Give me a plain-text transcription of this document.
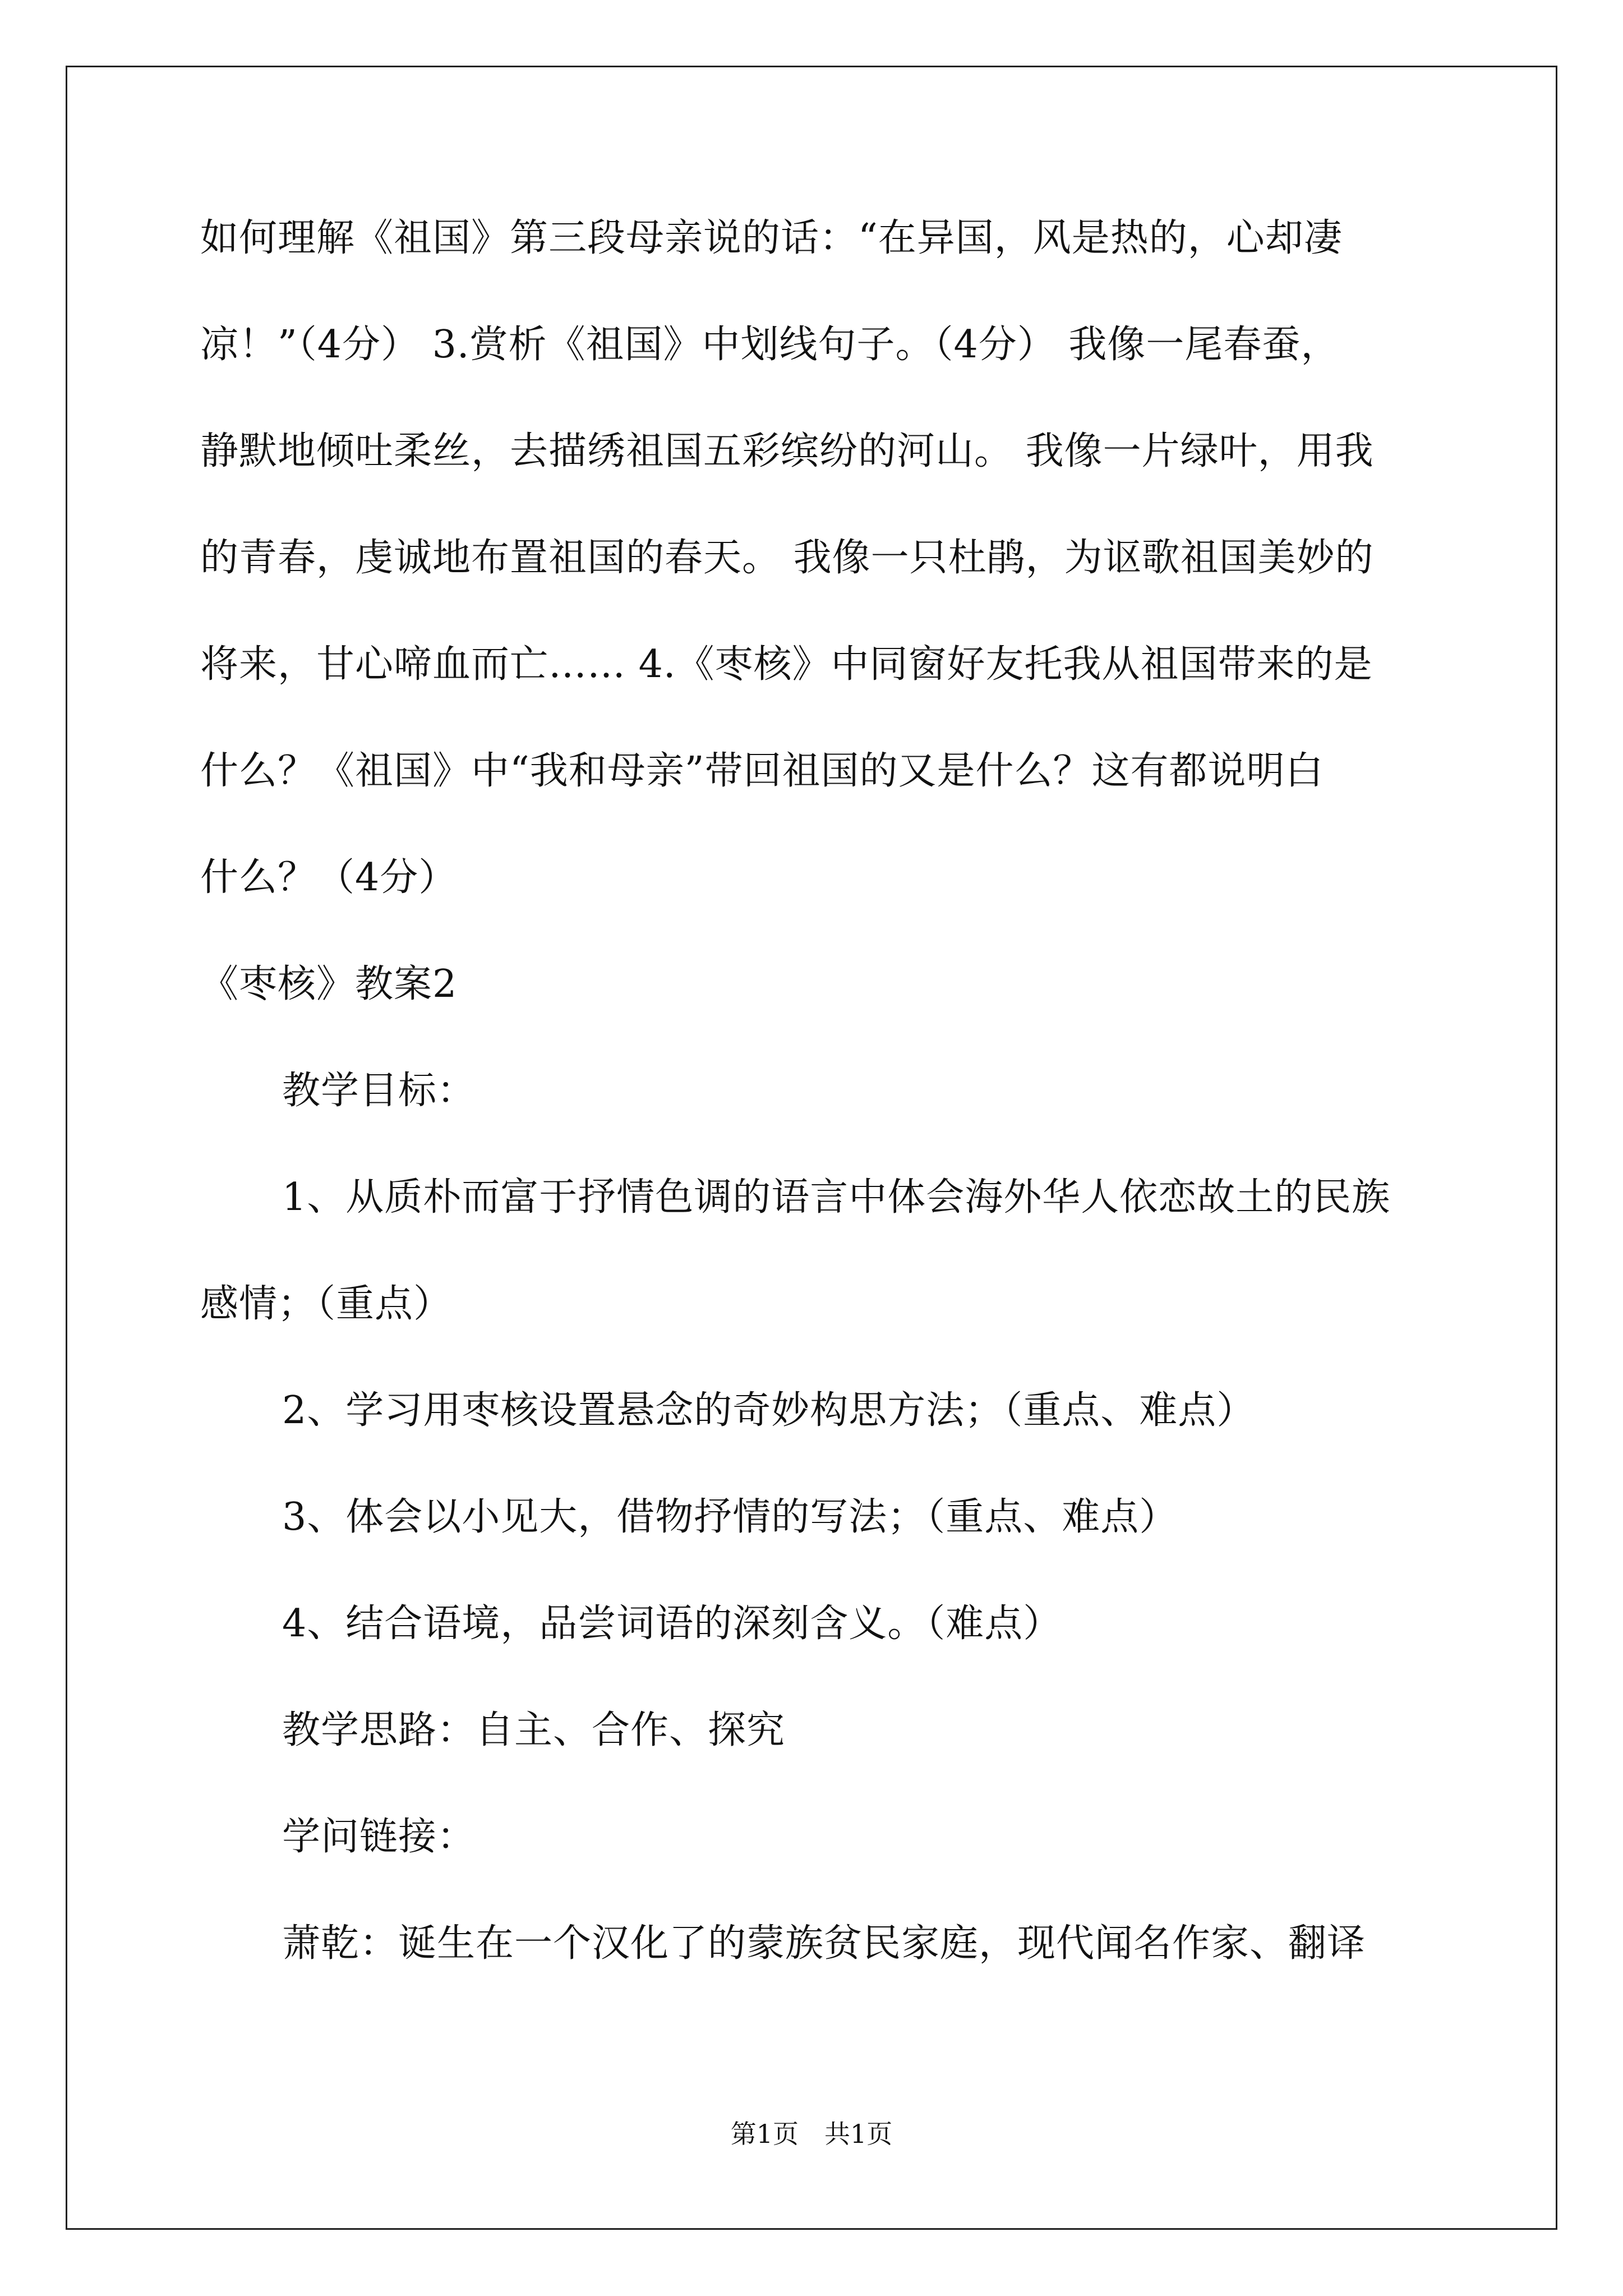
如何理解《祖国》第三段母亲说的话：“在异国，风是热的，心却凄
凉！”（4分） 3.赏析《祖国》中划线句子。（4分） 我像一尾春蚕，
静默地倾吐柔丝，去描绣祖国五彩缤纷的河山。 我像一片绿叶，用我
的青春，虔诚地布置祖国的春天。 我像一只杜鹃，为讴歌祖国美妙的
将来，甘心啼血而亡…… 4.《枣核》中同窗好友托我从祖国带来的是
什么？《祖国》中“我和母亲”带回祖国的又是什么？这有都说明白
什么？（4分）
《枣核》教案2
教学目标：
1、从质朴而富于抒情色调的语言中体会海外华人依恋故土的民族
感情；（重点）
2、学习用枣核设置悬念的奇妙构思方法；（重点、难点）
3、体会以小见大，借物抒情的写法；（重点、难点）
4、结合语境，品尝词语的深刻含义。（难点）
教学思路：自主、合作、探究
学问链接：
萧乾：诞生在一个汉化了的蒙族贫民家庭，现代闻名作家、翻译
第1页　共1页
